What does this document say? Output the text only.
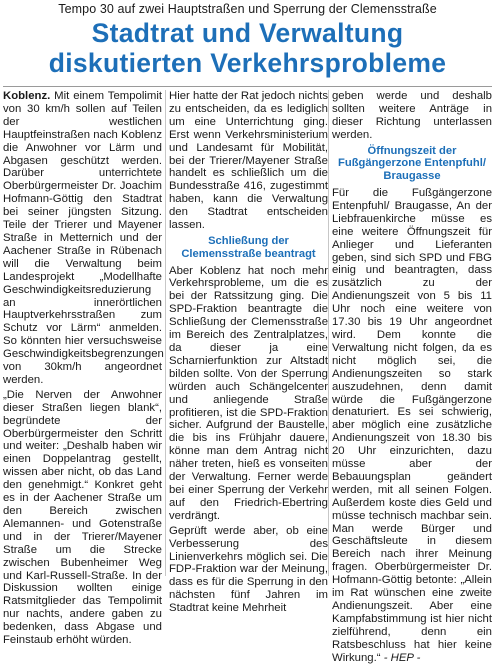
Tempo 30 auf zwei Hauptstraßen und Sperrung der Clemensstraße
Stadtrat und Verwaltung
diskutierten Verkehrsprobleme

Koblenz. Mit einem Tempolimit von 30 km/h sollen auf Teilen der westlichen Hauptfeinstraßen nach Koblenz die Anwohner vor Lärm und Abgasen geschützt werden. Darüber unterrichtete Oberbürgermeister Dr. Joachim Hofmann-Göttig den Stadtrat bei seiner jüngsten Sitzung. Teile der Trierer und Mayener Straße in Metternich und der Aachener Straße in Rübenach will die Verwaltung beim Landesprojekt „Modellhafte Geschwindigkeitsreduzierung an innerörtlichen Hauptverkehrsstraßen zum Schutz vor Lärm“ anmelden. So könnten hier versuchsweise Geschwindigkeitsbegrenzungen von 30km/h angeordnet werden.

„Die Nerven der Anwohner dieser Straßen liegen blank“, begründete der Oberbürgermeister den Schritt und weiter: „Deshalb haben wir einen Doppelantrag gestellt, wissen aber nicht, ob das Land den genehmigt.“ Konkret geht es in der Aachener Straße um den Bereich zwischen Alemannen- und Gotenstraße und in der Trierer/Mayener Straße um die Strecke zwischen Bubenheimer Weg und Karl-Russell-Straße. In der Diskussion wollten einige Ratsmitglieder das Tempolimit nur nachts, andere gaben zu bedenken, dass Abgase und Feinstaub erhöht würden.

Hier hatte der Rat jedoch nichts zu entscheiden, da es lediglich um eine Unterrichtung ging. Erst wenn Verkehrsministerium und Landesamt für Mobilität, bei der Trierer/Mayener Straße handelt es schließlich um die Bundesstraße 416, zugestimmt haben, kann die Verwaltung den Stadtrat entscheiden lassen.

Schließung der Clemensstraße beantragt

Aber Koblenz hat noch mehr Verkehrsprobleme, um die es bei der Ratssitzung ging. Die SPD-Fraktion beantragte die Schließung der Clemensstraße im Bereich des Zentralplatzes, da dieser ja eine Scharnierfunktion zur Altstadt bilden sollte. Von der Sperrung würden auch Schängelcenter und anliegende Straße profitieren, ist die SPD-Fraktion sicher. Aufgrund der Baustelle, die bis ins Frühjahr dauere, könne man dem Antrag nicht näher treten, hieß es vonseiten der Verwaltung. Ferner werde bei einer Sperrung der Verkehr auf den Friedrich-Ebertring verdrängt.

Geprüft werde aber, ob eine Verbesserung des Linienverkehrs möglich sei. Die FDP-Fraktion war der Meinung, dass es für die Sperrung in den nächsten fünf Jahren im Stadtrat keine Mehrheit

geben werde und deshalb sollten weitere Anträge in dieser Richtung unterlassen werden.

Öffnungszeit der Fußgängerzone Entenpfuhl/ Braugasse

Für die Fußgängerzone Entenpfuhl/ Braugasse, An der Liebfrauenkirche müsse es eine weitere Öffnungszeit für Anlieger und Lieferanten geben, sind sich SPD und FBG einig und beantragten, dass zusätzlich zu der Andienungszeit von 5 bis 11 Uhr noch eine weitere von 17.30 bis 19 Uhr angeordnet wird. Dem konnte die Verwaltung nicht folgen, da es nicht möglich sei, die Andienungszeiten so stark auszudehnen, denn damit würde die Fußgängerzone denaturiert. Es sei schwierig, aber möglich eine zusätzliche Andienungszeit von 18.30 bis 20 Uhr einzurichten, dazu müsse aber der Bebauungsplan geändert werden, mit all seinen Folgen. Außerdem koste dies Geld und müsse technisch machbar sein. Man werde Bürger und Geschäftsleute in diesem Bereich nach ihrer Meinung fragen. Oberbürgermeister Dr. Hofmann-Göttig betonte: „Allein im Rat wünschen eine zweite Andienungszeit. Aber eine Kampfabstimmung ist hier nicht zielführend, denn ein Ratsbeschluss hat hier keine Wirkung.“ - HEP -
